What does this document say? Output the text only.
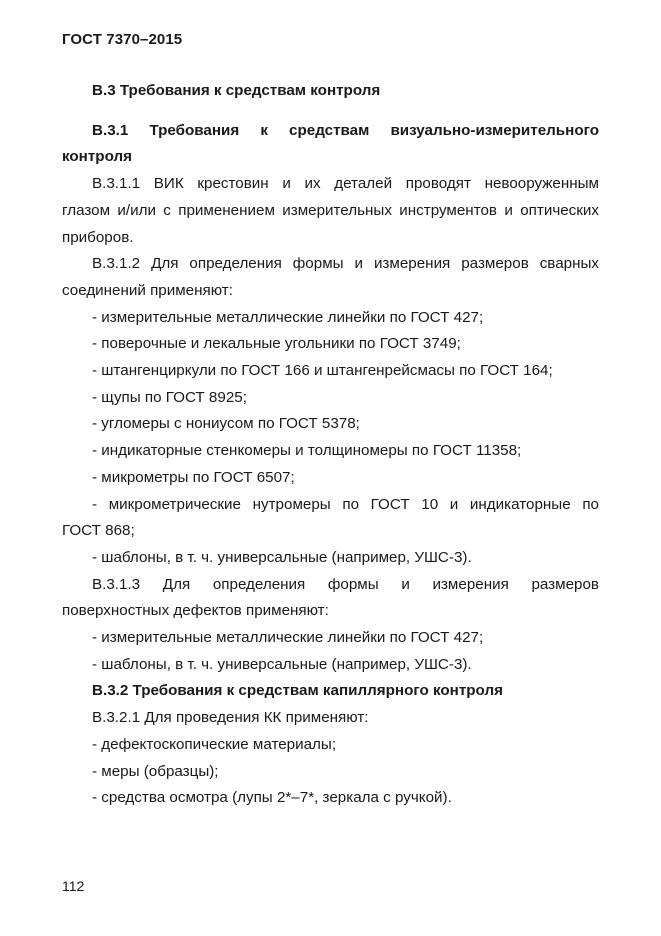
ГОСТ 7370–2015

В.3 Требования к средствам контроля

В.3.1 Требования к средствам визуально-измерительного

контроля

В.3.1.1 ВИК крестовин и их деталей проводят невооруженным

глазом и/или с применением измерительных инструментов и оптических

приборов.

В.3.1.2 Для определения формы и измерения размеров сварных

соединений применяют:

- измерительные металлические линейки по ГОСТ 427;

- поверочные и лекальные угольники по ГОСТ 3749;

- штангенциркули по ГОСТ 166 и штангенрейсмасы по ГОСТ 164;

- щупы по ГОСТ 8925;

- угломеры с нониусом по ГОСТ 5378;

- индикаторные стенкомеры и толщиномеры по ГОСТ 11358;

- микрометры по ГОСТ 6507;

- микрометрические нутромеры по ГОСТ 10 и индикаторные по

ГОСТ 868;

- шаблоны, в т. ч. универсальные (например, УШС-3).

В.3.1.3 Для определения формы и измерения размеров

поверхностных дефектов применяют:

- измерительные металлические линейки по ГОСТ 427;

- шаблоны, в т. ч. универсальные (например, УШС-3).

В.3.2 Требования к средствам капиллярного контроля

В.3.2.1 Для проведения КК применяют:

- дефектоскопические материалы;

- меры (образцы);

- средства осмотра (лупы 2*–7*, зеркала с ручкой).

112
